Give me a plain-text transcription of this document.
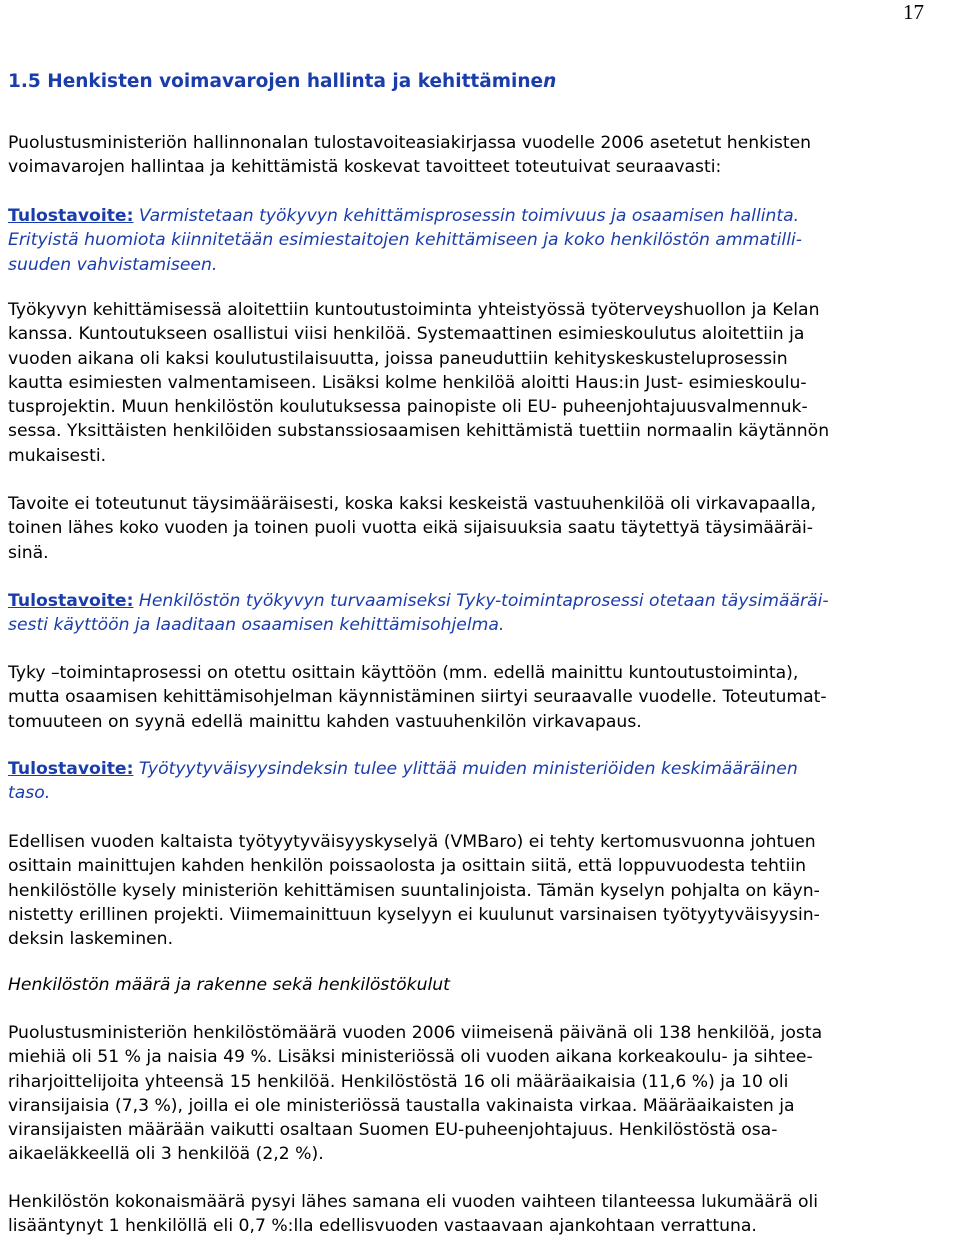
17
1.5 Henkisten voimavarojen hallinta ja kehittäminen

Puolustusministeriön hallinnonalan tulostavoiteasiakirjassa vuodelle 2006 asetetut henkisten
voimavarojen hallintaa ja kehittämistä koskevat tavoitteet toteutuivat seuraavasti:

Tulostavoite: Varmistetaan työkyvyn kehittämisprosessin toimivuus ja osaamisen hallinta.
Erityistä huomiota kiinnitetään esimiestaitojen kehittämiseen ja koko henkilöstön ammatilli-
suuden vahvistamiseen.

Työkyvyn kehittämisessä aloitettiin kuntoutustoiminta yhteistyössä työterveyshuollon ja Kelan
kanssa. Kuntoutukseen osallistui viisi henkilöä. Systemaattinen esimieskoulutus aloitettiin ja
vuoden aikana oli kaksi koulutustilaisuutta, joissa paneuduttiin kehityskeskusteluprosessin
kautta esimiesten valmentamiseen. Lisäksi kolme henkilöä aloitti Haus:in Just- esimieskoulu-
tusprojektin. Muun henkilöstön koulutuksessa painopiste oli EU- puheenjohtajuusvalmennuk-
sessa. Yksittäisten henkilöiden substanssiosaamisen kehittämistä tuettiin normaalin käytännön
mukaisesti.

Tavoite ei toteutunut täysimääräisesti, koska kaksi keskeistä vastuuhenkilöä oli virkavapaalla,
toinen lähes koko vuoden ja toinen puoli vuotta eikä sijaisuuksia saatu täytettyä täysimääräi-
sinä.

Tulostavoite: Henkilöstön työkyvyn turvaamiseksi Tyky-toimintaprosessi otetaan täysimääräi-
sesti käyttöön ja laaditaan osaamisen kehittämisohjelma.

Tyky –toimintaprosessi on otettu osittain käyttöön (mm. edellä mainittu kuntoutustoiminta),
mutta osaamisen kehittämisohjelman käynnistäminen siirtyi seuraavalle vuodelle. Toteutumat-
tomuuteen on syynä edellä mainittu kahden vastuuhenkilön virkavapaus.

Tulostavoite: Työtyytyväisyysindeksin tulee ylittää muiden ministeriöiden keskimääräinen
taso.

Edellisen vuoden kaltaista työtyytyväisyyskyselyä (VMBaro) ei tehty kertomusvuonna johtuen
osittain mainittujen kahden henkilön poissaolosta ja osittain siitä, että loppuvuodesta tehtiin
henkilöstölle kysely ministeriön kehittämisen suuntalinjoista. Tämän kyselyn pohjalta on käyn-
nistetty erillinen projekti. Viimemainittuun kyselyyn ei kuulunut varsinaisen työtyytyväisyysin-
deksin laskeminen.

Henkilöstön määrä ja rakenne sekä henkilöstökulut

Puolustusministeriön henkilöstömäärä vuoden 2006 viimeisenä päivänä oli 138 henkilöä, josta
miehiä oli 51 % ja naisia 49 %. Lisäksi ministeriössä oli vuoden aikana korkeakoulu- ja sihtee-
riharjoittelijoita yhteensä 15 henkilöä. Henkilöstöstä 16 oli määräaikaisia (11,6 %) ja 10 oli
viransijaisia (7,3 %), joilla ei ole ministeriössä taustalla vakinaista virkaa. Määräaikaisten ja
viransijaisten määrään vaikutti osaltaan Suomen EU-puheenjohtajuus. Henkilöstöstä osa-
aikaeläkkeellä oli 3 henkilöä (2,2 %).

Henkilöstön kokonaismäärä pysyi lähes samana eli vuoden vaihteen tilanteessa lukumäärä oli
lisääntynyt 1 henkilöllä eli 0,7 %:lla edellisvuoden vastaavaan ajankohtaan verrattuna.
